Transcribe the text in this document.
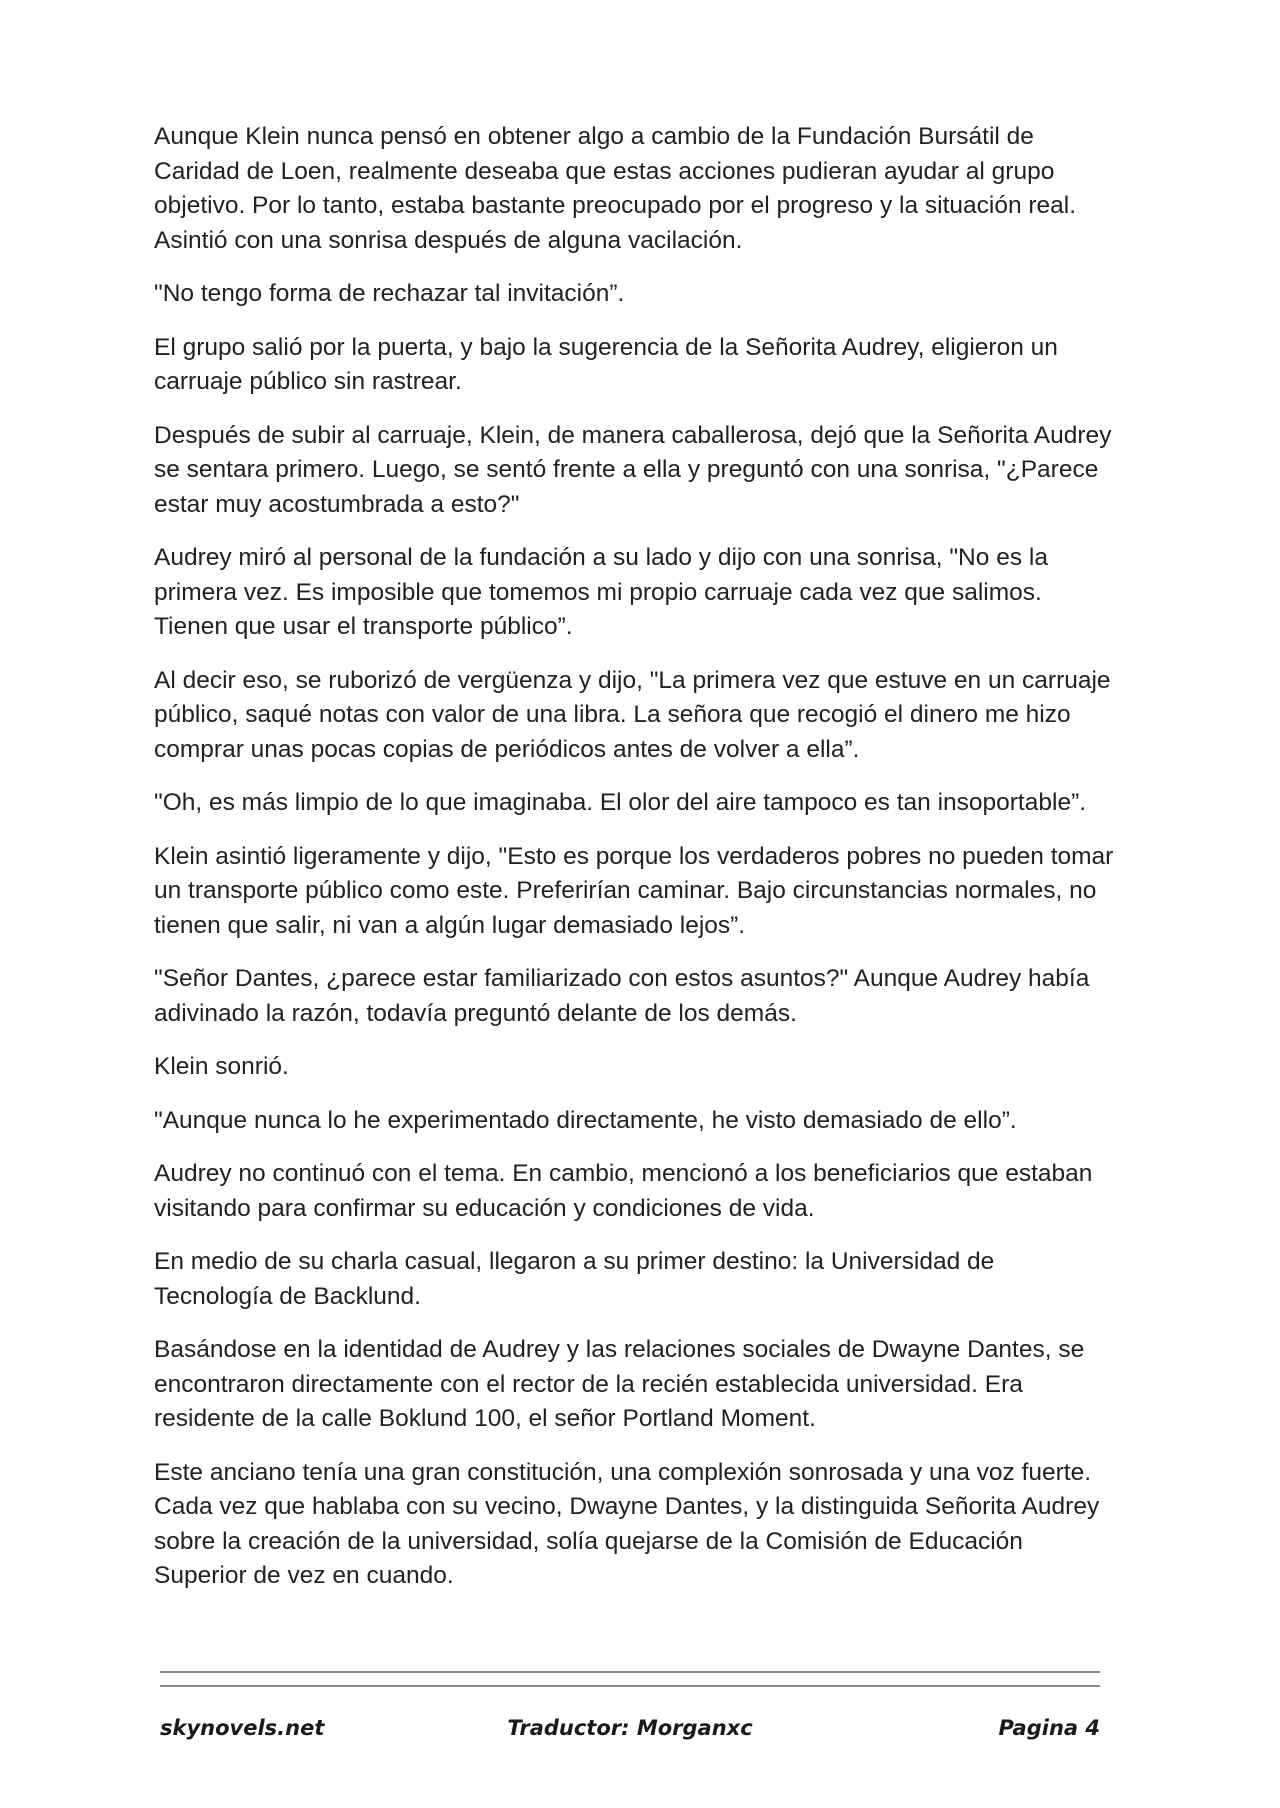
Aunque Klein nunca pensó en obtener algo a cambio de la Fundación Bursátil de Caridad de Loen, realmente deseaba que estas acciones pudieran ayudar al grupo objetivo. Por lo tanto, estaba bastante preocupado por el progreso y la situación real. Asintió con una sonrisa después de alguna vacilación.

"No tengo forma de rechazar tal invitación”.

El grupo salió por la puerta, y bajo la sugerencia de la Señorita Audrey, eligieron un carruaje público sin rastrear.

Después de subir al carruaje, Klein, de manera caballerosa, dejó que la Señorita Audrey se sentara primero. Luego, se sentó frente a ella y preguntó con una sonrisa, "¿Parece estar muy acostumbrada a esto?"

Audrey miró al personal de la fundación a su lado y dijo con una sonrisa, "No es la primera vez. Es imposible que tomemos mi propio carruaje cada vez que salimos. Tienen que usar el transporte público”.

Al decir eso, se ruborizó de vergüenza y dijo, "La primera vez que estuve en un carruaje público, saqué notas con valor de una libra. La señora que recogió el dinero me hizo comprar unas pocas copias de periódicos antes de volver a ella”.

"Oh, es más limpio de lo que imaginaba. El olor del aire tampoco es tan insoportable”.

Klein asintió ligeramente y dijo, "Esto es porque los verdaderos pobres no pueden tomar un transporte público como este. Preferirían caminar. Bajo circunstancias normales, no tienen que salir, ni van a algún lugar demasiado lejos”.

"Señor Dantes, ¿parece estar familiarizado con estos asuntos?" Aunque Audrey había adivinado la razón, todavía preguntó delante de los demás.

Klein sonrió.

"Aunque nunca lo he experimentado directamente, he visto demasiado de ello”.

Audrey no continuó con el tema. En cambio, mencionó a los beneficiarios que estaban visitando para confirmar su educación y condiciones de vida.

En medio de su charla casual, llegaron a su primer destino: la Universidad de Tecnología de Backlund.

Basándose en la identidad de Audrey y las relaciones sociales de Dwayne Dantes, se encontraron directamente con el rector de la recién establecida universidad. Era residente de la calle Boklund 100, el señor Portland Moment.

Este anciano tenía una gran constitución, una complexión sonrosada y una voz fuerte. Cada vez que hablaba con su vecino, Dwayne Dantes, y la distinguida Señorita Audrey sobre la creación de la universidad, solía quejarse de la Comisión de Educación Superior de vez en cuando.

skynovels.net	Traductor: Morganxc	Pagina 4
